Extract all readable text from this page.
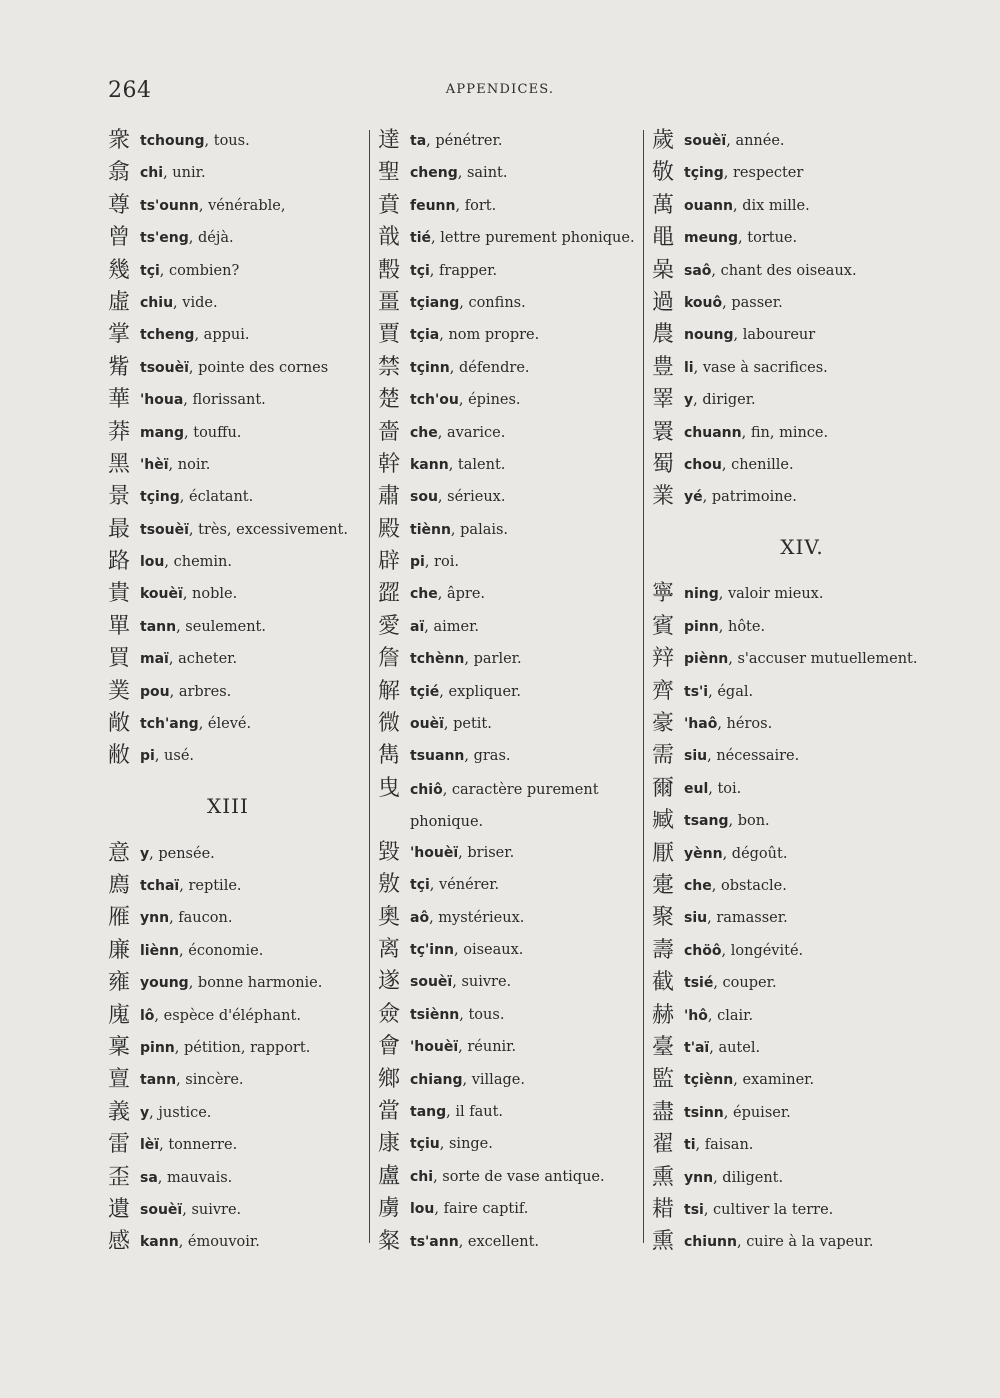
264	APPENDICES.
衆 tchoung, tous.
翕 chi, unir.
尊 ts'ounn, vénérable,
曾 ts'eng, déjà.
幾 tçi, combien?
虛 chiu, vide.
掌 tcheng, appui.
觜 tsouèï, pointe des cornes
華 'houa, florissant.
莽 mang, touffu.
黑 'hèï, noir.
景 tçing, éclatant.
最 tsouèï, très, excessivement.
路 lou, chemin.
貴 kouèï, noble.
單 tann, seulement.
買 maï, acheter.
菐 pou, arbres.
敞 tch'ang, élevé.
敝 pi, usé.
XIII
意 y, pensée.
廌 tchaï, reptile.
雁 ynn, faucon.
廉 liènn, économie.
雍 young, bonne harmonie.
廆 lô, espèce d'éléphant.
稟 pinn, pétition, rapport.
亶 tann, sincère.
義 y, justice.
雷 lèï, tonnerre.
歪 sa, mauvais.
遺 souèï, suivre.
感 kann, émouvoir.
達 ta, pénétrer.
聖 cheng, saint.
賁 feunn, fort.
戠 tié, lettre purement phonique.
毄 tçi, frapper.
畺 tçiang, confins.
賈 tçia, nom propre.
禁 tçinn, défendre.
楚 tch'ou, épines.
嗇 che, avarice.
幹 kann, talent.
肅 sou, sérieux.
殿 tiènn, palais.
辟 pi, roi.
歰 che, âpre.
愛 aï, aimer.
詹 tchènn, parler.
解 tçié, expliquer.
微 ouèï, petit.
雋 tsuann, gras.
曳 chiô, caractère purement phonique.
毀 'houèï, briser.
敫 tçi, vénérer.
奧 aô, mystérieux.
离 tç'inn, oiseaux.
遂 souèï, suivre.
僉 tsiènn, tous.
會 'houèï, réunir.
鄉 chiang, village.
當 tang, il faut.
康 tçiu, singe.
盧 chi, sorte de vase antique.
虜 lou, faire captif.
粲 ts'ann, excellent.
歲 souèï, année.
敬 tçing, respecter
萬 ouann, dix mille.
黽 meung, tortue.
喿 saô, chant des oiseaux.
過 kouô, passer.
農 noung, laboureur
豊 li, vase à sacrifices.
睪 y, diriger.
瞏 chuann, fin, mince.
蜀 chou, chenille.
業 yé, patrimoine.
XIV.
寧 ning, valoir mieux.
賓 pinn, hôte.
辡 piènn, s'accuser mutuellement.
齊 ts'i, égal.
豪 'haô, héros.
需 siu, nécessaire.
爾 eul, toi.
臧 tsang, bon.
厭 yènn, dégoût.
疐 che, obstacle.
聚 siu, ramasser.
壽 chöô, longévité.
截 tsié, couper.
赫 'hô, clair.
臺 t'aï, autel.
監 tçiènn, examiner.
盡 tsinn, épuiser.
翟 ti, faisan.
熏 ynn, diligent.
耤 tsi, cultiver la terre.
熏 chiunn, cuire à la vapeur.
